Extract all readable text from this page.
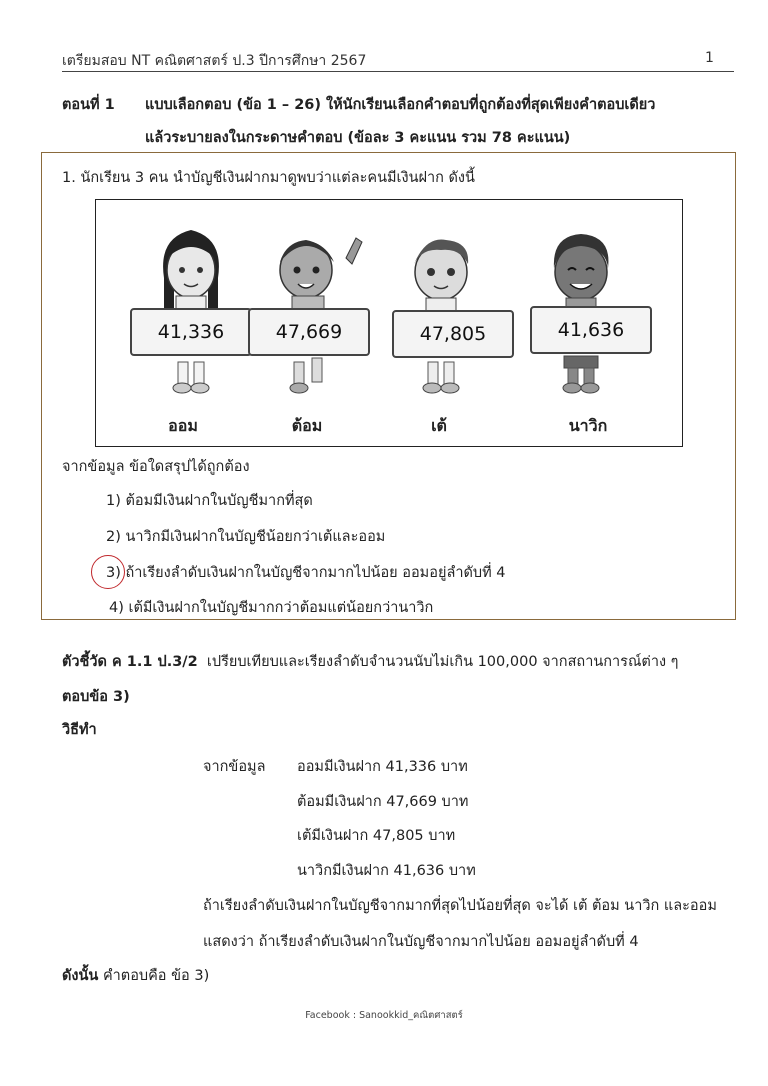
เตรียมสอบ NT คณิตศาสตร์ ป.3 ปีการศึกษา 2567	1
ตอนที่ 1 แบบเลือกตอบ (ข้อ 1 – 26) ให้นักเรียนเลือกคำตอบที่ถูกต้องที่สุดเพียงคำตอบเดียว
แล้วระบายลงในกระดาษคำตอบ (ข้อละ 3 คะแนน รวม 78 คะแนน)
1. นักเรียน 3 คน นำบัญชีเงินฝากมาดูพบว่าแต่ละคนมีเงินฝาก ดังนี้
41,336	47,669	47,805	41,636
ออม	ต้อม	เต้	นาวิก
จากข้อมูล ข้อใดสรุปได้ถูกต้อง
1) ต้อมมีเงินฝากในบัญชีมากที่สุด
2) นาวิกมีเงินฝากในบัญชีน้อยกว่าเต้และออม
3) ถ้าเรียงลำดับเงินฝากในบัญชีจากมากไปน้อย ออมอยู่ลำดับที่ 4
4) เต้มีเงินฝากในบัญชีมากกว่าต้อมแต่น้อยกว่านาวิก
ตัวชี้วัด ค 1.1 ป.3/2 เปรียบเทียบและเรียงลำดับจำนวนนับไม่เกิน 100,000 จากสถานการณ์ต่าง ๆ
ตอบข้อ 3)
วิธีทำ
จากข้อมูล ออมมีเงินฝาก 41,336 บาท
ต้อมมีเงินฝาก 47,669 บาท
เต้มีเงินฝาก 47,805 บาท
นาวิกมีเงินฝาก 41,636 บาท
ถ้าเรียงลำดับเงินฝากในบัญชีจากมากที่สุดไปน้อยที่สุด จะได้ เต้ ต้อม นาวิก และออม
แสดงว่า ถ้าเรียงลำดับเงินฝากในบัญชีจากมากไปน้อย ออมอยู่ลำดับที่ 4
ดังนั้น คำตอบคือ ข้อ 3)
Facebook : Sanookkid_คณิตศาสตร์
